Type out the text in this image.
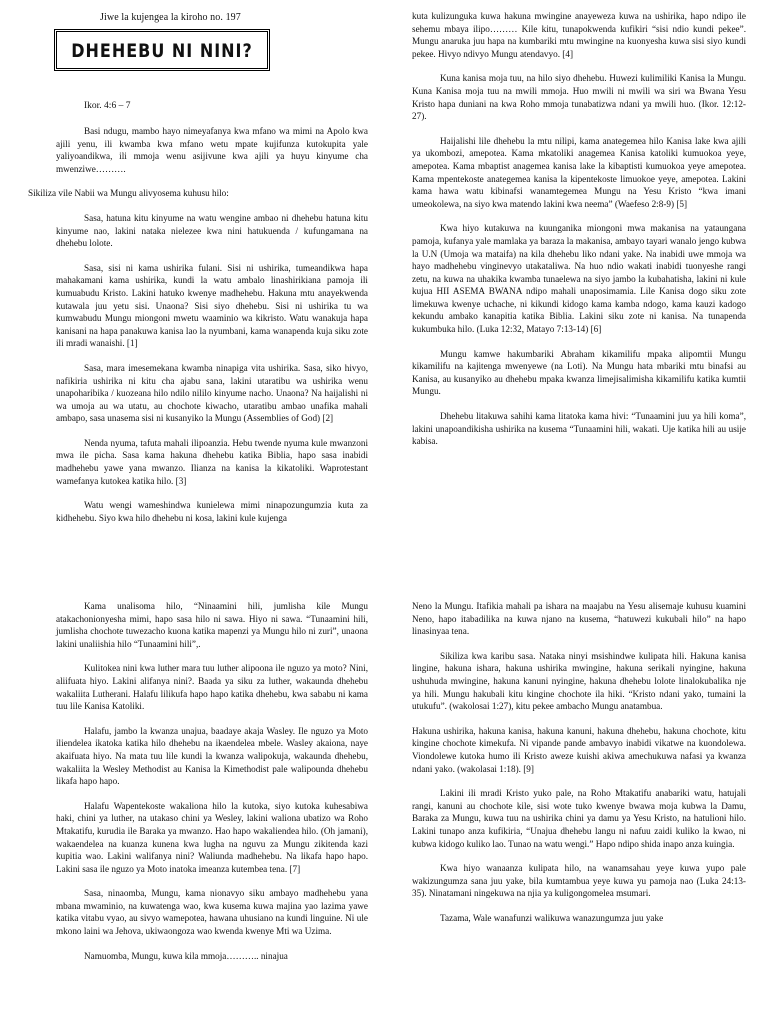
Jiwe la kujengea la kiroho no. 197
DHEHEBU NI NINI?
Ikor. 4:6 – 7

Basi ndugu, mambo hayo nimeyafanya kwa mfano wa mimi na Apolo kwa ajili yenu, ili kwamba kwa mfano wetu mpate kujifunza kutokupita yale yaliyoandikwa, ili mmoja wenu asijivune kwa ajili ya huyu kinyume cha mwenziwe……….

Sikiliza vile Nabii wa Mungu alivyosema kuhusu hilo:

Sasa, hatuna kitu kinyume na watu wengine ambao ni dhehebu hatuna kitu kinyume nao, lakini nataka nielezee kwa nini hatukuenda / kufungamana na dhehebu lolote.

Sasa, sisi ni kama ushirika fulani. Sisi ni ushirika, tumeandikwa hapa mahakamani kama ushirika, kundi la watu ambalo linashirikiana pamoja ili kumuabudu Kristo. Lakini hatuko kwenye madhehebu. Hakuna mtu anayekwenda kutawala juu yetu sisi. Unaona? Sisi siyo dhehebu. Sisi ni ushirika tu wa kumwabudu Mungu miongoni mwetu waaminio wa kikristo. Watu wanakuja hapa kanisani na hapa panakuwa kanisa lao la nyumbani, kama wanapenda kuja siku zote ili mradi wanaishi. [1]

Sasa, mara imesemekana kwamba ninapiga vita ushirika. Sasa, siko hivyo, nafikiria ushirika ni kitu cha ajabu sana, lakini utaratibu wa ushirika wenu unapoharibika / kuozeana hilo ndilo nililo kinyume nacho. Unaona? Na haijalishi ni wa umoja au wa utatu, au chochote kiwacho, utaratibu ambao unafika mahali ambapo, sasa unasema sisi ni kusanyiko la Mungu (Assemblies of God) [2]

Nenda nyuma, tafuta mahali ilipoanzia. Hebu twende nyuma kule mwanzoni mwa ile picha. Sasa kama hakuna dhehebu katika Biblia, hapo sasa inabidi madhehebu yawe yana mwanzo. Ilianza na kanisa la kikatoliki. Waprotestant wamefanya kutokea katika hilo. [3]

Watu wengi wameshindwa kunielewa mimi ninapozungumzia kuta za kidhehebu. Siyo kwa hilo dhehebu ni kosa, lakini kule kujenga

kuta kulizunguka kuwa hakuna mwingine anayeweza kuwa na ushirika, hapo ndipo ile sehemu mbaya ilipo……… Kile kitu, tunapokwenda kufikiri “sisi ndio kundi pekee”. Mungu anaruka juu hapa na kumbariki mtu mwingine na kuonyesha kuwa sisi siyo kundi pekee. Hivyo ndivyo Mungu atendavyo. [4]

Kuna kanisa moja tuu, na hilo siyo dhehebu. Huwezi kulimiliki Kanisa la Mungu. Kuna Kanisa moja tuu na mwili mmoja. Huo mwili ni mwili wa siri wa Bwana Yesu Kristo hapa duniani na kwa Roho mmoja tunabatizwa ndani ya mwili huo. (Ikor. 12:12-27).

Haijalishi lile dhehebu la mtu nilipi, kama anategemea hilo Kanisa lake kwa ajili ya ukombozi, amepotea. Kama mkatoliki anagemea Kanisa katoliki kumuokoa yeye, amepotea. Kama mbaptist anagemea kanisa lake la kibaptisti kumuokoa yeye amepotea. Kama mpentekoste anategemea kanisa la kipentekoste limuokoe yeye, amepotea. Lakini kama hawa watu kibinafsi wanamtegemea Mungu na Yesu Kristo “kwa imani umeokolewa, na siyo kwa matendo lakini kwa neema” (Waefeso 2:8-9) [5]

Kwa hiyo kutakuwa na kuunganika miongoni mwa makanisa na yataungana pamoja, kufanya yale mamlaka ya baraza la makanisa, ambayo tayari wanalo jengo kubwa la U.N (Umoja wa mataifa) na kila dhehebu liko ndani yake. Na inabidi uwe mmoja wa hayo madhehebu vinginevyo utakataliwa. Na huo ndio wakati inabidi tuonyeshe rangi zetu, na kuwa na uhakika kwamba tunaelewa na siyo jambo la kubahatisha, lakini ni kule kujua HII ASEMA BWANA ndipo mahali unaposimamia. Lile Kanisa dogo siku zote limekuwa kwenye uchache, ni kikundi kidogo kama kamba ndogo, kama kauzi kadogo kekundu ambako kanapitia katika Biblia. Lakini siku zote ni kanisa. Na tunapenda kukumbuka hilo. (Luka 12:32, Matayo 7:13-14) [6]

Mungu kamwe hakumbariki Abraham kikamilifu mpaka alipomtii Mungu kikamilifu na kajitenga mwenyewe (na Loti). Na Mungu hata mbariki mtu binafsi au Kanisa, au kusanyiko au dhehebu mpaka kwanza limejisalimisha kikamilifu katika kumtii Mungu.

Dhehebu litakuwa sahihi kama litatoka kama hivi: “Tunaamini juu ya hili koma”, lakini unapoandikisha ushirika na kusema “Tunaamini hili, wakati. Uje katika hili au usije kabisa.

Kama unalisoma hilo, “Ninaamini hili, jumlisha kile Mungu atakachonionyesha mimi, hapo sasa hilo ni sawa. Hiyo ni sawa. “Tunaamini hili, jumlisha chochote tuwezacho kuona katika mapenzi ya Mungu hilo ni zuri”, unaona lakini unaliishia hilo “Tunaamini hili”,.

Kulitokea nini kwa luther mara tuu luther alipoona ile nguzo ya moto? Nini, aliifuata hiyo. Lakini alifanya nini?. Baada ya siku za luther, wakaunda dhehebu wakaliita Lutherani. Halafu lilikufa hapo hapo katika dhehebu, kwa sababu ni kama tuu lile Kanisa Katoliki.

Halafu, jambo la kwanza unajua, baadaye akaja Wasley. Ile nguzo ya Moto iliendelea ikatoka katika hilo dhehebu na ikaendelea mbele. Wasley akaiona, naye akaifuata hiyo. Na mata tuu lile kundi la kwanza walipokuja, wakaunda dhehebu, wakaliita la Wesley Methodist au Kanisa la Kimethodist pale walipounda dhehebu likafa hapo hapo.

Halafu Wapentekoste wakaliona hilo la kutoka, siyo kutoka kuhesabiwa haki, chini ya luther, na utakaso chini ya Wesley, lakini waliona ubatizo wa Roho Mtakatifu, kurudia ile Baraka ya mwanzo. Hao hapo wakaliendea hilo. (Oh jamani), wakaendelea na kuanza kunena kwa lugha na nguvu za Mungu zikitenda kazi kupitia wao. Lakini walifanya nini? Waliunda madhehebu. Na likafa hapo hapo. Lakini sasa ile nguzo ya Moto inatoka imeanza kutembea tena. [7]

Sasa, ninaomba, Mungu, kama nionavyo siku ambayo madhehebu yana mbana mwaminio, na kuwatenga wao, kwa kusema kuwa majina yao lazima yawe katika vitabu vyao, au sivyo wamepotea, hawana uhusiano na kundi linguine. Ni ule mkono laini wa Jehova, ukiwaongoza wao kwenda kwenye Mti wa Uzima.

Namuomba, Mungu, kuwa kila mmoja……….. ninajua

Neno la Mungu. Itafikia mahali pa ishara na maajabu na Yesu alisemaje kuhusu kuamini Neno, hapo itabadilika na kuwa njano na kusema, “hatuwezi kukubali hilo” na hapo linasinyaa tena.

Sikiliza kwa karibu sasa. Nataka ninyi msishindwe kulipata hili. Hakuna kanisa lingine, hakuna ishara, hakuna ushirika mwingine, hakuna serikali nyingine, hakuna ushuhuda mwingine, hakuna kanuni nyingine, hakuna dhehebu lolote linalokubalika nje ya hili. Mungu hakubali kitu kingine chochote ila hiki. “Kristo ndani yako, tumaini la utukufu”. (wakolosai 1:27), kitu pekee ambacho Mungu anatambua.

Hakuna ushirika, hakuna kanisa, hakuna kanuni, hakuna dhehebu, hakuna chochote, kitu kingine chochote kimekufa. Ni vipande pande ambavyo inabidi vikatwe na kuondolewa. Viondolewe kutoka humo ili Kristo aweze kuishi akiwa amechukuwa nafasi ya kwanza ndani yako. (wakolasai 1:18). [9]

Lakini ili mradi Kristo yuko pale, na Roho Mtakatifu anabariki watu, hatujali rangi, kanuni au chochote kile, sisi wote tuko kwenye bwawa moja kubwa la Damu, Baraka za Mungu, kuwa tuu na ushirika chini ya damu ya Yesu Kristo, na hatulioni hilo. Lakini tunapo anza kufikiria, “Unajua dhehebu langu ni nafuu zaidi kuliko la kwao, ni kubwa kidogo kuliko lao. Tunao na watu wengi.” Hapo ndipo shida inapo anza kuingia.

Kwa hiyo wanaanza kulipata hilo, na wanamsahau yeye kuwa yupo pale wakizungumza sana juu yake, bila kumtambua yeye kuwa yu pamoja nao (Luka 24:13-35). Ninatamani ningekuwa na njia ya kuligongomelea msumari.

Tazama, Wale wanafunzi walikuwa wanazungumza juu yake
